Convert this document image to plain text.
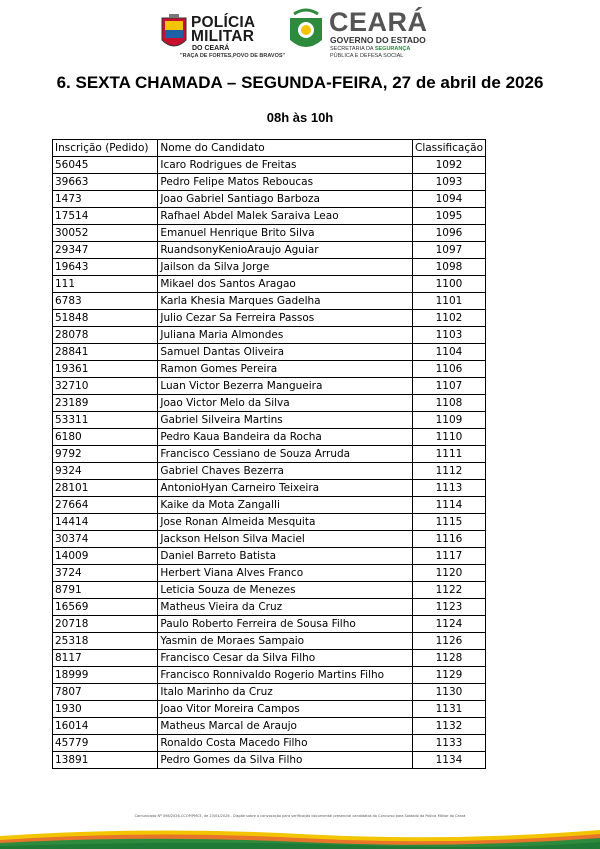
POLÍCIA
MILITAR
DO CEARÁ
"RAÇA DE FORTES,POVO DE BRAVOS"
CEARÁ
GOVERNO DO ESTADO
SECRETARIA DA SEGURANÇA
PÚBLICA E DEFESA SOCIAL
6. SEXTA CHAMADA – SEGUNDA-FEIRA, 27 de abril de 2026
08h às 10h
Inscrição (Pedido)	Nome do Candidato	Classificação
56045	Icaro Rodrigues de Freitas	1092
39663	Pedro Felipe Matos Reboucas	1093
1473	Joao Gabriel Santiago Barboza	1094
17514	Rafhael Abdel Malek Saraiva Leao	1095
30052	Emanuel Henrique Brito Silva	1096
29347	RuandsonyKenioAraujo Aguiar	1097
19643	Jailson da Silva Jorge	1098
111	Mikael dos Santos Aragao	1100
6783	Karla Khesia Marques Gadelha	1101
51848	Julio Cezar Sa Ferreira Passos	1102
28078	Juliana Maria Almondes	1103
28841	Samuel Dantas Oliveira	1104
19361	Ramon Gomes Pereira	1106
32710	Luan Victor Bezerra Mangueira	1107
23189	Joao Victor Melo da Silva	1108
53311	Gabriel Silveira Martins	1109
6180	Pedro Kaua Bandeira da Rocha	1110
9792	Francisco Cessiano de Souza Arruda	1111
9324	Gabriel Chaves Bezerra	1112
28101	AntonioHyan Carneiro Teixeira	1113
27664	Kaike da Mota Zangalli	1114
14414	Jose Ronan Almeida Mesquita	1115
30374	Jackson Helson Silva Maciel	1116
14009	Daniel Barreto Batista	1117
3724	Herbert Viana Alves Franco	1120
8791	Leticia Souza de Menezes	1122
16569	Matheus Vieira da Cruz	1123
20718	Paulo Roberto Ferreira de Sousa Filho	1124
25318	Yasmin de Moraes Sampaio	1126
8117	Francisco Cesar da Silva Filho	1128
18999	Francisco Ronnivaldo Rogerio Martins Filho	1129
7807	Italo Marinho da Cruz	1130
1930	Joao Vitor Moreira Campos	1131
16014	Matheus Marcal de Araujo	1132
45779	Ronaldo Costa Macedo Filho	1133
13891	Pedro Gomes da Silva Filho	1134
Comunicado Nº 098/2026-CCOP/PMCE, de 23/04/2026 - Dispõe sobre a convocação para verificação documental presencial candidatos do Concurso para Soldado da Polícia Militar do Ceará
